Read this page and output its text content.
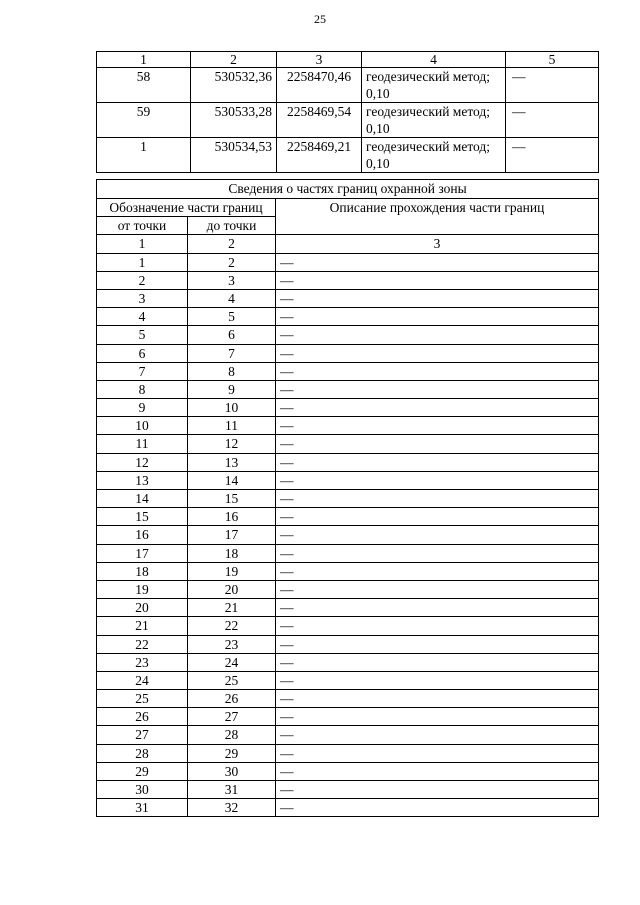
25
1	2	3	4	5
58	530532,36	2258470,46	геодезический метод; 0,10	—
59	530533,28	2258469,54	геодезический метод; 0,10	—
1	530534,53	2258469,21	геодезический метод; 0,10	—
Сведения о частях границ охранной зоны		
Обозначение части границ		Описание прохождения части границ
от точки	до точки	
1	2	3
1	2	—
2	3	—
3	4	—
4	5	—
5	6	—
6	7	—
7	8	—
8	9	—
9	10	—
10	11	—
11	12	—
12	13	—
13	14	—
14	15	—
15	16	—
16	17	—
17	18	—
18	19	—
19	20	—
20	21	—
21	22	—
22	23	—
23	24	—
24	25	—
25	26	—
26	27	—
27	28	—
28	29	—
29	30	—
30	31	—
31	32	—
